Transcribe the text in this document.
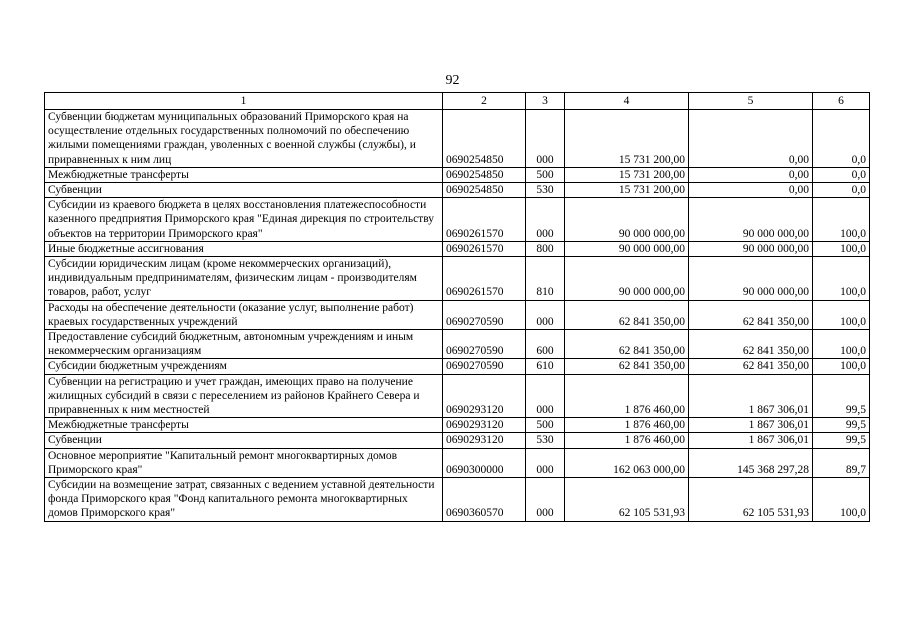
92
1	2	3	4	5	6
Субвенции бюджетам муниципальных образований Приморского края на осуществление отдельных государственных полномочий по обеспечению жилыми помещениями граждан, уволенных с военной службы (службы), и приравненных к ним лиц	0690254850	000	15 731 200,00	0,00	0,0
Межбюджетные трансферты	0690254850	500	15 731 200,00	0,00	0,0
Субвенции	0690254850	530	15 731 200,00	0,00	0,0
Субсидии из краевого бюджета в целях восстановления платежеспособности казенного предприятия Приморского края "Единая дирекция по строительству объектов на территории Приморского края"	0690261570	000	90 000 000,00	90 000 000,00	100,0
Иные бюджетные ассигнования	0690261570	800	90 000 000,00	90 000 000,00	100,0
Субсидии юридическим лицам (кроме некоммерческих организаций), индивидуальным предпринимателям, физическим лицам - производителям товаров, работ, услуг	0690261570	810	90 000 000,00	90 000 000,00	100,0
Расходы на обеспечение деятельности (оказание услуг, выполнение работ) краевых государственных учреждений	0690270590	000	62 841 350,00	62 841 350,00	100,0
Предоставление субсидий бюджетным, автономным учреждениям и иным некоммерческим организациям	0690270590	600	62 841 350,00	62 841 350,00	100,0
Субсидии бюджетным учреждениям	0690270590	610	62 841 350,00	62 841 350,00	100,0
Субвенции на регистрацию и учет граждан, имеющих право на получение жилищных субсидий в связи с переселением из районов Крайнего Севера и приравненных к ним местностей	0690293120	000	1 876 460,00	1 867 306,01	99,5
Межбюджетные трансферты	0690293120	500	1 876 460,00	1 867 306,01	99,5
Субвенции	0690293120	530	1 876 460,00	1 867 306,01	99,5
Основное мероприятие "Капитальный ремонт многоквартирных домов Приморского края"	0690300000	000	162 063 000,00	145 368 297,28	89,7
Субсидии на возмещение затрат, связанных с ведением уставной деятельности фонда Приморского края "Фонд капитального ремонта многоквартирных домов Приморского края"	0690360570	000	62 105 531,93	62 105 531,93	100,0
